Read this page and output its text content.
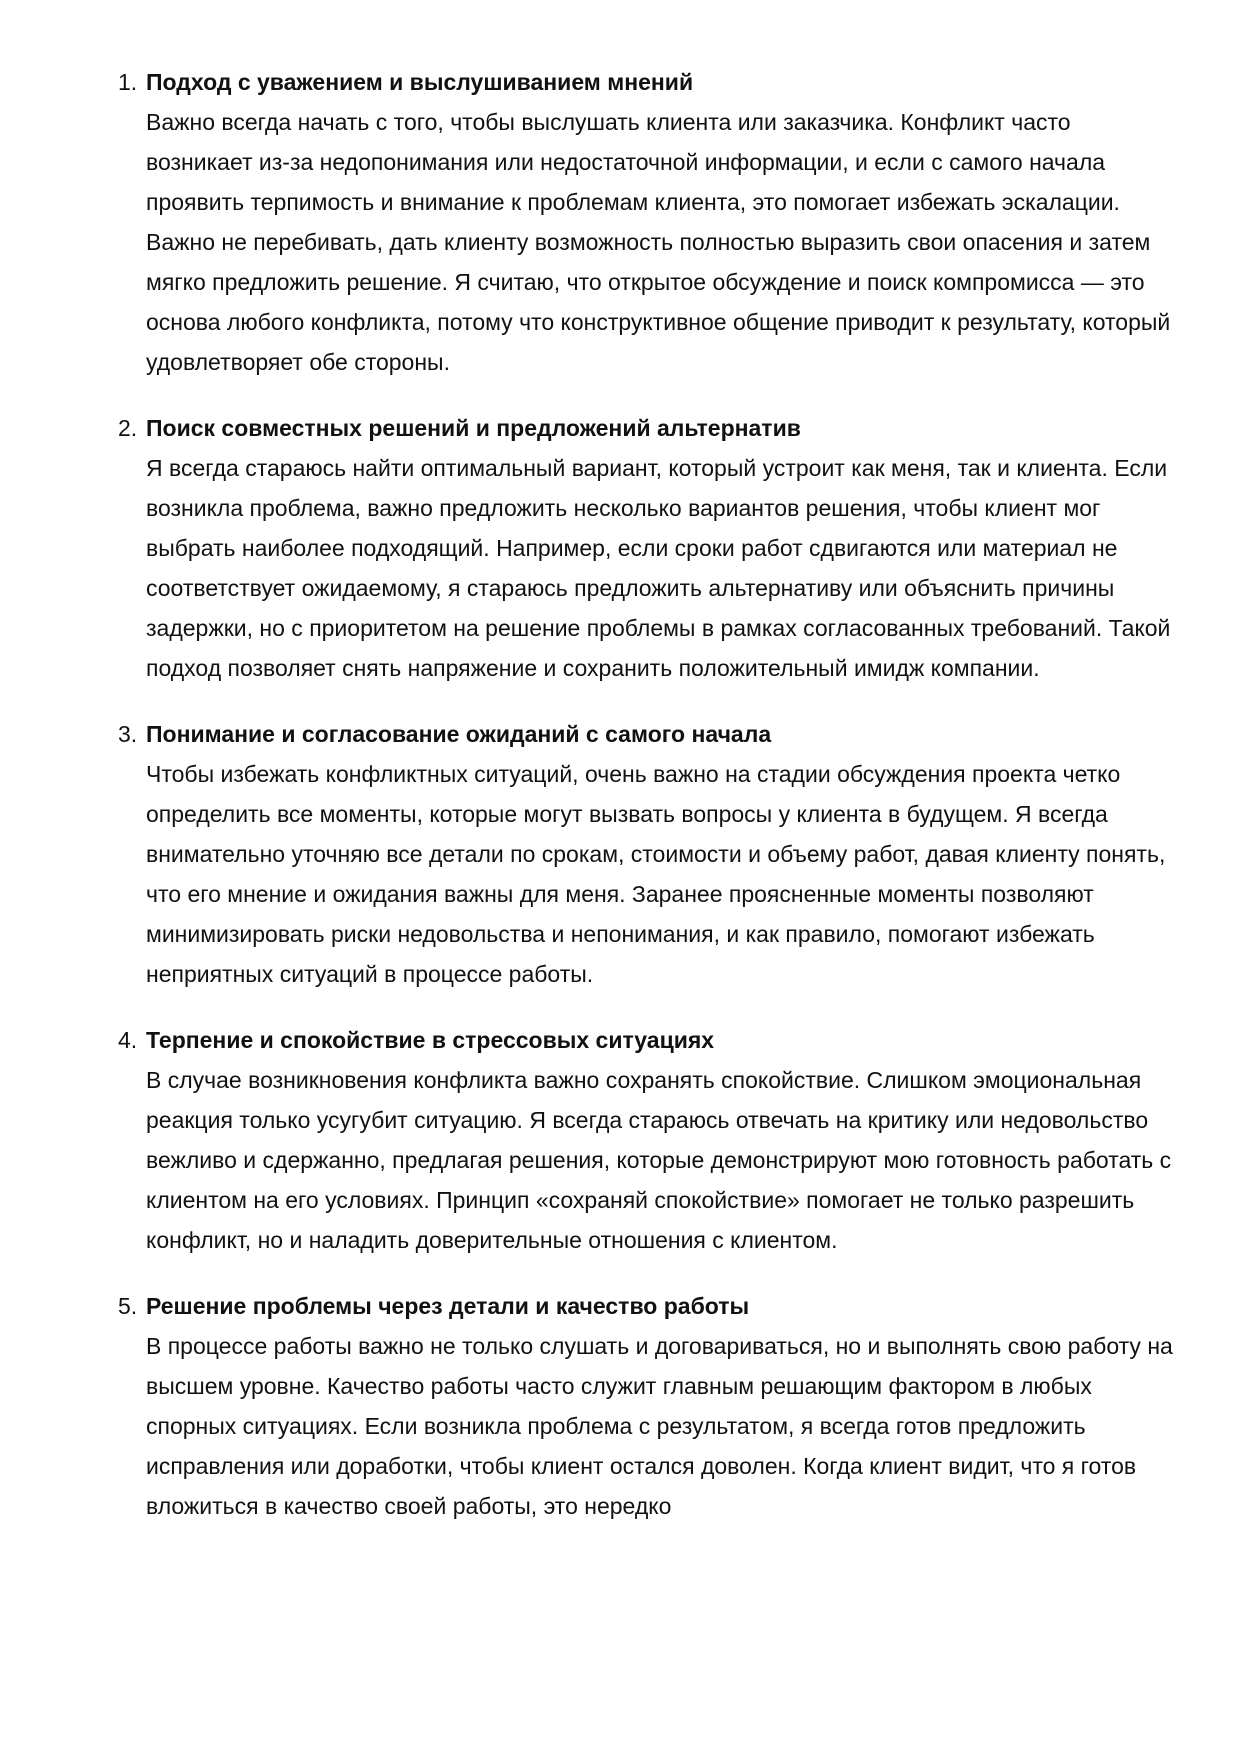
1. Подход с уважением и выслушиванием мнений
Важно всегда начать с того, чтобы выслушать клиента или заказчика. Конфликт часто возникает из-за недопонимания или недостаточной информации, и если с самого начала проявить терпимость и внимание к проблемам клиента, это помогает избежать эскалации. Важно не перебивать, дать клиенту возможность полностью выразить свои опасения и затем мягко предложить решение. Я считаю, что открытое обсуждение и поиск компромисса — это основа любого конфликта, потому что конструктивное общение приводит к результату, который удовлетворяет обе стороны.
2. Поиск совместных решений и предложений альтернатив
Я всегда стараюсь найти оптимальный вариант, который устроит как меня, так и клиента. Если возникла проблема, важно предложить несколько вариантов решения, чтобы клиент мог выбрать наиболее подходящий. Например, если сроки работ сдвигаются или материал не соответствует ожидаемому, я стараюсь предложить альтернативу или объяснить причины задержки, но с приоритетом на решение проблемы в рамках согласованных требований. Такой подход позволяет снять напряжение и сохранить положительный имидж компании.
3. Понимание и согласование ожиданий с самого начала
Чтобы избежать конфликтных ситуаций, очень важно на стадии обсуждения проекта четко определить все моменты, которые могут вызвать вопросы у клиента в будущем. Я всегда внимательно уточняю все детали по срокам, стоимости и объему работ, давая клиенту понять, что его мнение и ожидания важны для меня. Заранее проясненные моменты позволяют минимизировать риски недовольства и непонимания, и как правило, помогают избежать неприятных ситуаций в процессе работы.
4. Терпение и спокойствие в стрессовых ситуациях
В случае возникновения конфликта важно сохранять спокойствие. Слишком эмоциональная реакция только усугубит ситуацию. Я всегда стараюсь отвечать на критику или недовольство вежливо и сдержанно, предлагая решения, которые демонстрируют мою готовность работать с клиентом на его условиях. Принцип «сохраняй спокойствие» помогает не только разрешить конфликт, но и наладить доверительные отношения с клиентом.
5. Решение проблемы через детали и качество работы
В процессе работы важно не только слушать и договариваться, но и выполнять свою работу на высшем уровне. Качество работы часто служит главным решающим фактором в любых спорных ситуациях. Если возникла проблема с результатом, я всегда готов предложить исправления или доработки, чтобы клиент остался доволен. Когда клиент видит, что я готов вложиться в качество своей работы, это нередко
